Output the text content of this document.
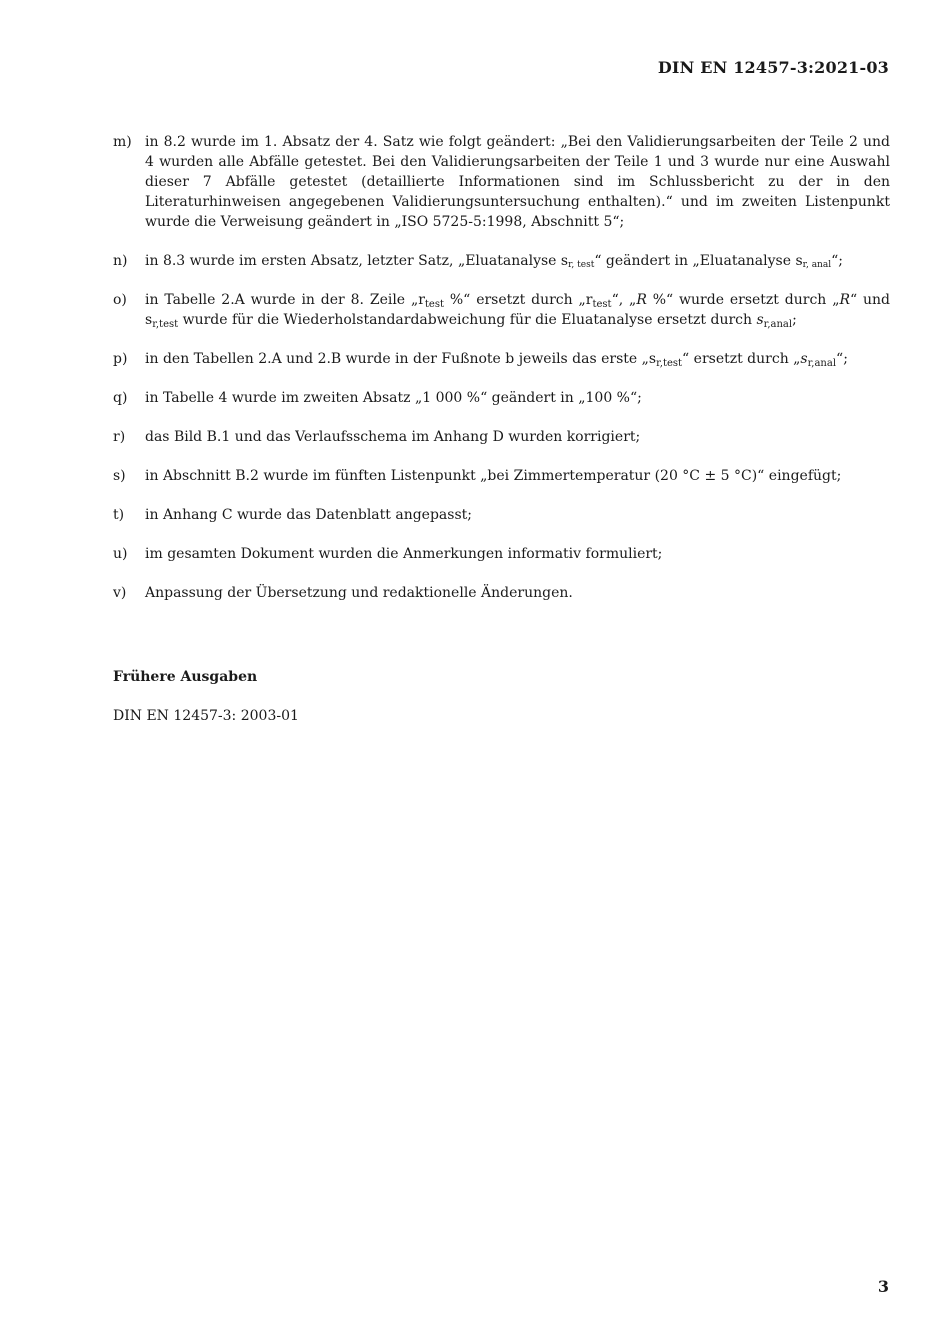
DIN EN 12457-3:2021-03
m) in 8.2 wurde im 1. Absatz der 4. Satz wie folgt geändert: „Bei den Validierungsarbeiten der Teile 2 und 4 wurden alle Abfälle getestet. Bei den Validierungsarbeiten der Teile 1 und 3 wurde nur eine Auswahl dieser 7 Abfälle getestet (detaillierte Informationen sind im Schlussbericht zu der in den Literaturhinweisen angegebenen Validierungsuntersuchung enthalten).“ und im zweiten Listenpunkt wurde die Verweisung geändert in „ISO 5725-5:1998, Abschnitt 5“;
n)	in 8.3 wurde im ersten Absatz, letzter Satz, „Eluatanalyse $s_{r, test}“$ geändert in „Eluatanalyse $s_{r, anal}“$;
o)	in Tabelle 2.A wurde in der 8. Zeile $„r_{test}$ %“ ersetzt durch $„r_{test}“$, „R %“ wurde ersetzt durch „R“ und $s_{r,test}$ wurde für die Wiederholstandardabweichung für die Eluatanalyse ersetzt durch $s_{r,anal}$;
p)	in den Tabellen 2.A und 2.B wurde in der Fußnote b jeweils das erste $„s_{r,test}“$ ersetzt durch $„s_{r,anal}“$;
q)	in Tabelle 4 wurde im zweiten Absatz „1 000 %“ geändert in „100 %“;
r)	das Bild B.1 und das Verlaufsschema im Anhang D wurden korrigiert;
s)	in Abschnitt B.2 wurde im fünften Listenpunkt „bei Zimmertemperatur (20 °C ± 5 °C)“ eingefügt;
t)	in Anhang C wurde das Datenblatt angepasst;
u)	im gesamten Dokument wurden die Anmerkungen informativ formuliert;
v)	Anpassung der Übersetzung und redaktionelle Änderungen.
Frühere Ausgaben
DIN EN 12457-3: 2003-01
3
